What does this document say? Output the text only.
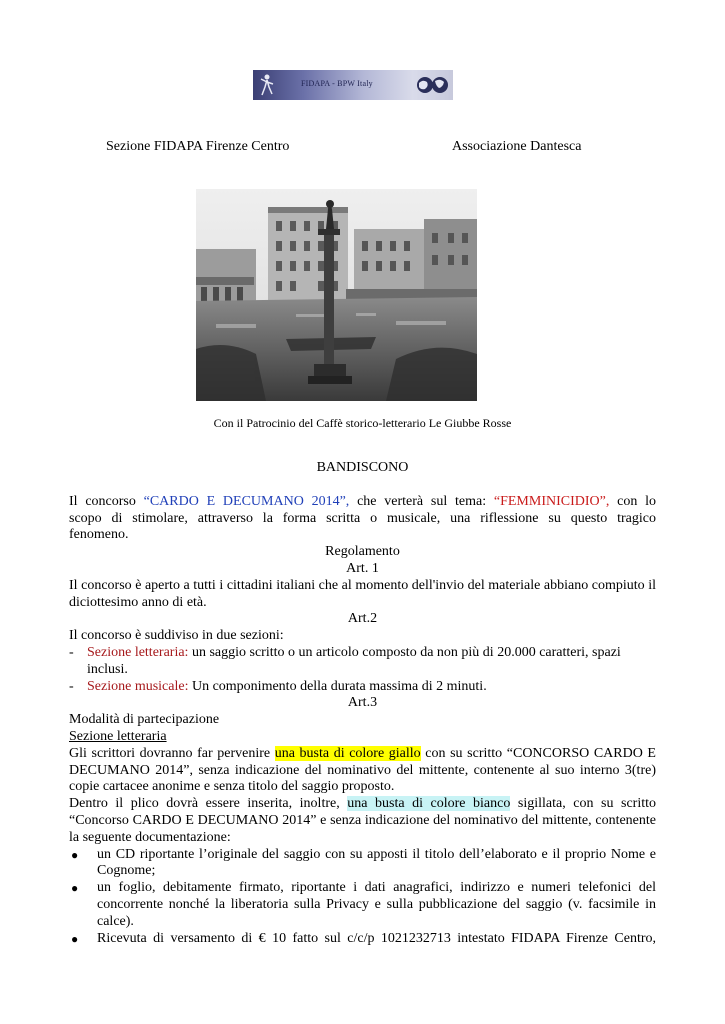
FIDAPA - BPW Italy
Sezione FIDAPA Firenze Centro	Associazione Dantesca
Con il Patrocinio del Caffè storico-letterario Le Giubbe Rosse

BANDISCONO

Il concorso “CARDO E DECUMANO 2014”, che verterà sul tema: “FEMMINICIDIO”, con lo

scopo di stimolare, attraverso la forma scritta o musicale, una riflessione su questo tragico

fenomeno.

Regolamento

Art. 1

Il concorso è aperto a tutti i cittadini italiani che al momento dell'invio del materiale abbiano compiuto il diciottesimo anno di età.

Art.2

Il concorso è suddiviso in due sezioni:

- Sezione letteraria: un saggio scritto o un articolo composto da non più di 20.000 caratteri, spazi inclusi.
- Sezione musicale: Un componimento della durata massima di 2 minuti.

Art.3

Modalità di partecipazione

Sezione letteraria

Gli scrittori dovranno far pervenire una busta di colore giallo con su scritto “CONCORSO CARDO E DECUMANO 2014”, senza indicazione del nominativo del mittente, contenente al suo interno 3(tre) copie cartacee anonime e senza titolo del saggio proposto.

Dentro il plico dovrà essere inserita, inoltre, una busta di colore bianco sigillata, con su scritto “Concorso CARDO E DECUMANO 2014” e senza indicazione del nominativo del mittente, contenente la seguente documentazione:

●	un CD riportante l’originale del saggio con su apposti il titolo dell’elaborato e il proprio Nome e Cognome;
●	un foglio, debitamente firmato, riportante i dati anagrafici, indirizzo e numeri telefonici del concorrente nonché la liberatoria sulla Privacy e sulla pubblicazione del saggio (v. facsimile in calce).
●	Ricevuta di versamento di € 10 fatto sul c/c/p 1021232713 intestato FIDAPA Firenze Centro,
